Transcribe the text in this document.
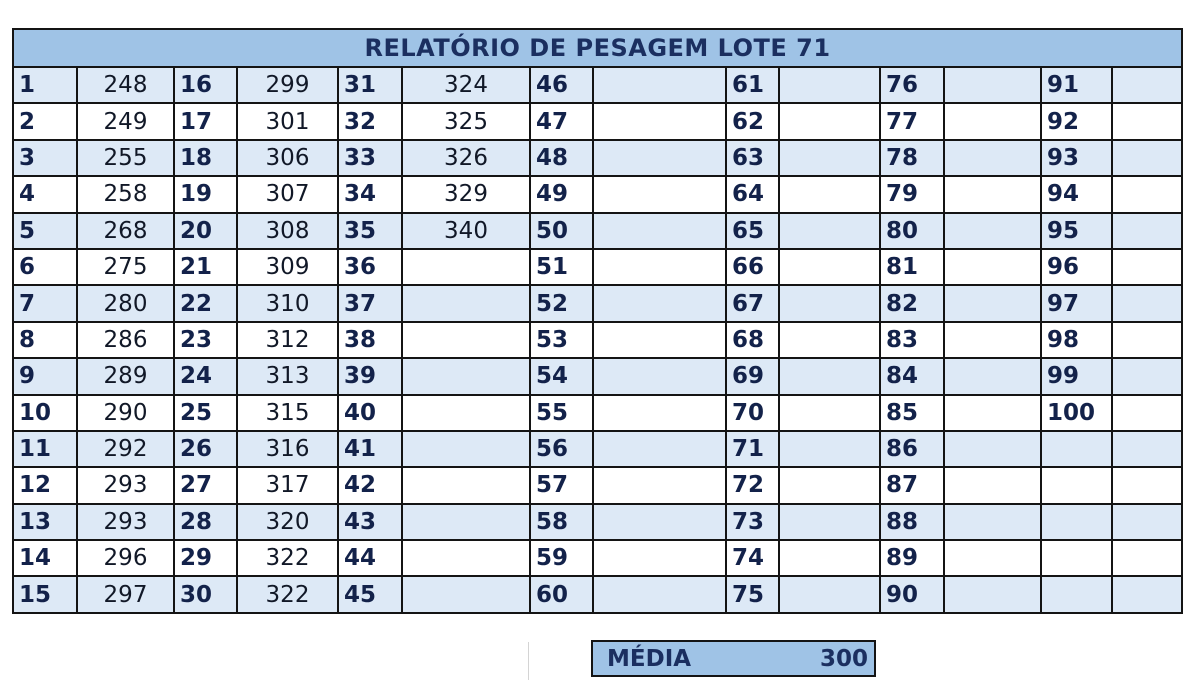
RELATÓRIO DE PESAGEM LOTE 71													
1	248	16	299	31	324	46		61		76		91	
2	249	17	301	32	325	47		62		77		92	
3	255	18	306	33	326	48		63		78		93	
4	258	19	307	34	329	49		64		79		94	
5	268	20	308	35	340	50		65		80		95	
6	275	21	309	36		51		66		81		96	
7	280	22	310	37		52		67		82		97	
8	286	23	312	38		53		68		83		98	
9	289	24	313	39		54		69		84		99	
10	290	25	315	40		55		70		85		100	
11	292	26	316	41		56		71		86			
12	293	27	317	42		57		72		87			
13	293	28	320	43		58		73		88			
14	296	29	322	44		59		74		89			
15	297	30	322	45		60		75		90			
MÉDIA	300
